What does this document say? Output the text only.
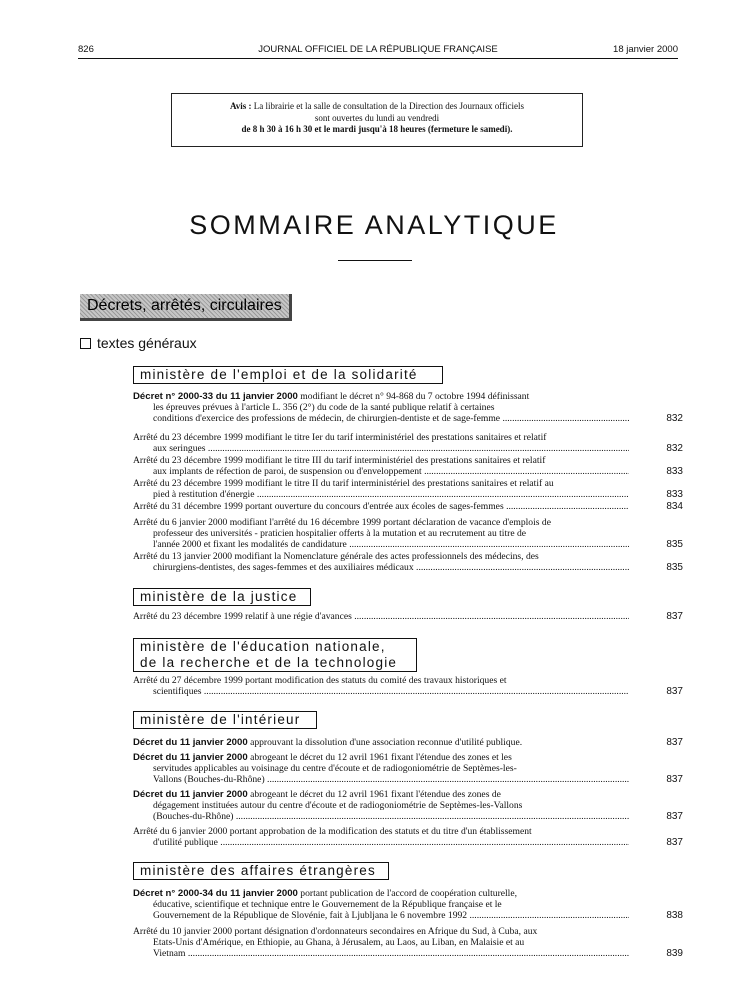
826	JOURNAL OFFICIEL DE LA RÉPUBLIQUE FRANÇAISE	18 janvier 2000
Avis : La librairie et la salle de consultation de la Direction des Journaux officiels
sont ouvertes du lundi au vendredi
de 8 h 30 à 16 h 30 et le mardi jusqu'à 18 heures (fermeture le samedi).
SOMMAIRE ANALYTIQUE
Décrets, arrêtés, circulaires
textes généraux
ministère de l'emploi et de la solidarité
Décret n° 2000-33 du 11 janvier 2000 modifiant le décret n° 94-868 du 7 octobre 1994 définissant
les épreuves prévues à l'article L. 356 (2°) du code de la santé publique relatif à certaines
conditions d'exercice des professions de médecin, de chirurgien-dentiste et de sage-femme .....	832
Arrêté du 23 décembre 1999 modifiant le titre Ier du tarif interministériel des prestations sanitaires et relatif
aux seringues .....	832
Arrêté du 23 décembre 1999 modifiant le titre III du tarif interministériel des prestations sanitaires et relatif
aux implants de réfection de paroi, de suspension ou d'enveloppement .....	833
Arrêté du 23 décembre 1999 modifiant le titre II du tarif interministériel des prestations sanitaires et relatif au
pied à restitution d'énergie .....	833
Arrêté du 31 décembre 1999 portant ouverture du concours d'entrée aux écoles de sages-femmes .....	834
Arrêté du 6 janvier 2000 modifiant l'arrêté du 16 décembre 1999 portant déclaration de vacance d'emplois de
professeur des universités - praticien hospitalier offerts à la mutation et au recrutement au titre de
l'année 2000 et fixant les modalités de candidature .....	835
Arrêté du 13 janvier 2000 modifiant la Nomenclature générale des actes professionnels des médecins, des
chirurgiens-dentistes, des sages-femmes et des auxiliaires médicaux .....	835
ministère de la justice
Arrêté du 23 décembre 1999 relatif à une régie d'avances .....	837
ministère de l'éducation nationale,
de la recherche et de la technologie
Arrêté du 27 décembre 1999 portant modification des statuts du comité des travaux historiques et
scientifiques .....	837
ministère de l'intérieur
Décret du 11 janvier 2000 approuvant la dissolution d'une association reconnue d'utilité publique.	837
Décret du 11 janvier 2000 abrogeant le décret du 12 avril 1961 fixant l'étendue des zones et les
servitudes applicables au voisinage du centre d'écoute et de radiogoniométrie de Septèmes-les-
Vallons (Bouches-du-Rhône) .....	837
Décret du 11 janvier 2000 abrogeant le décret du 12 avril 1961 fixant l'étendue des zones de
dégagement instituées autour du centre d'écoute et de radiogoniométrie de Septèmes-les-Vallons
(Bouches-du-Rhône) .....	837
Arrêté du 6 janvier 2000 portant approbation de la modification des statuts et du titre d'un établissement
d'utilité publique .....	837
ministère des affaires étrangères
Décret n° 2000-34 du 11 janvier 2000 portant publication de l'accord de coopération culturelle,
éducative, scientifique et technique entre le Gouvernement de la République française et le
Gouvernement de la République de Slovénie, fait à Ljubljana le 6 novembre 1992 .....	838
Arrêté du 10 janvier 2000 portant désignation d'ordonnateurs secondaires en Afrique du Sud, à Cuba, aux
Etats-Unis d'Amérique, en Ethiopie, au Ghana, à Jérusalem, au Laos, au Liban, en Malaisie et au
Vietnam .....	839
